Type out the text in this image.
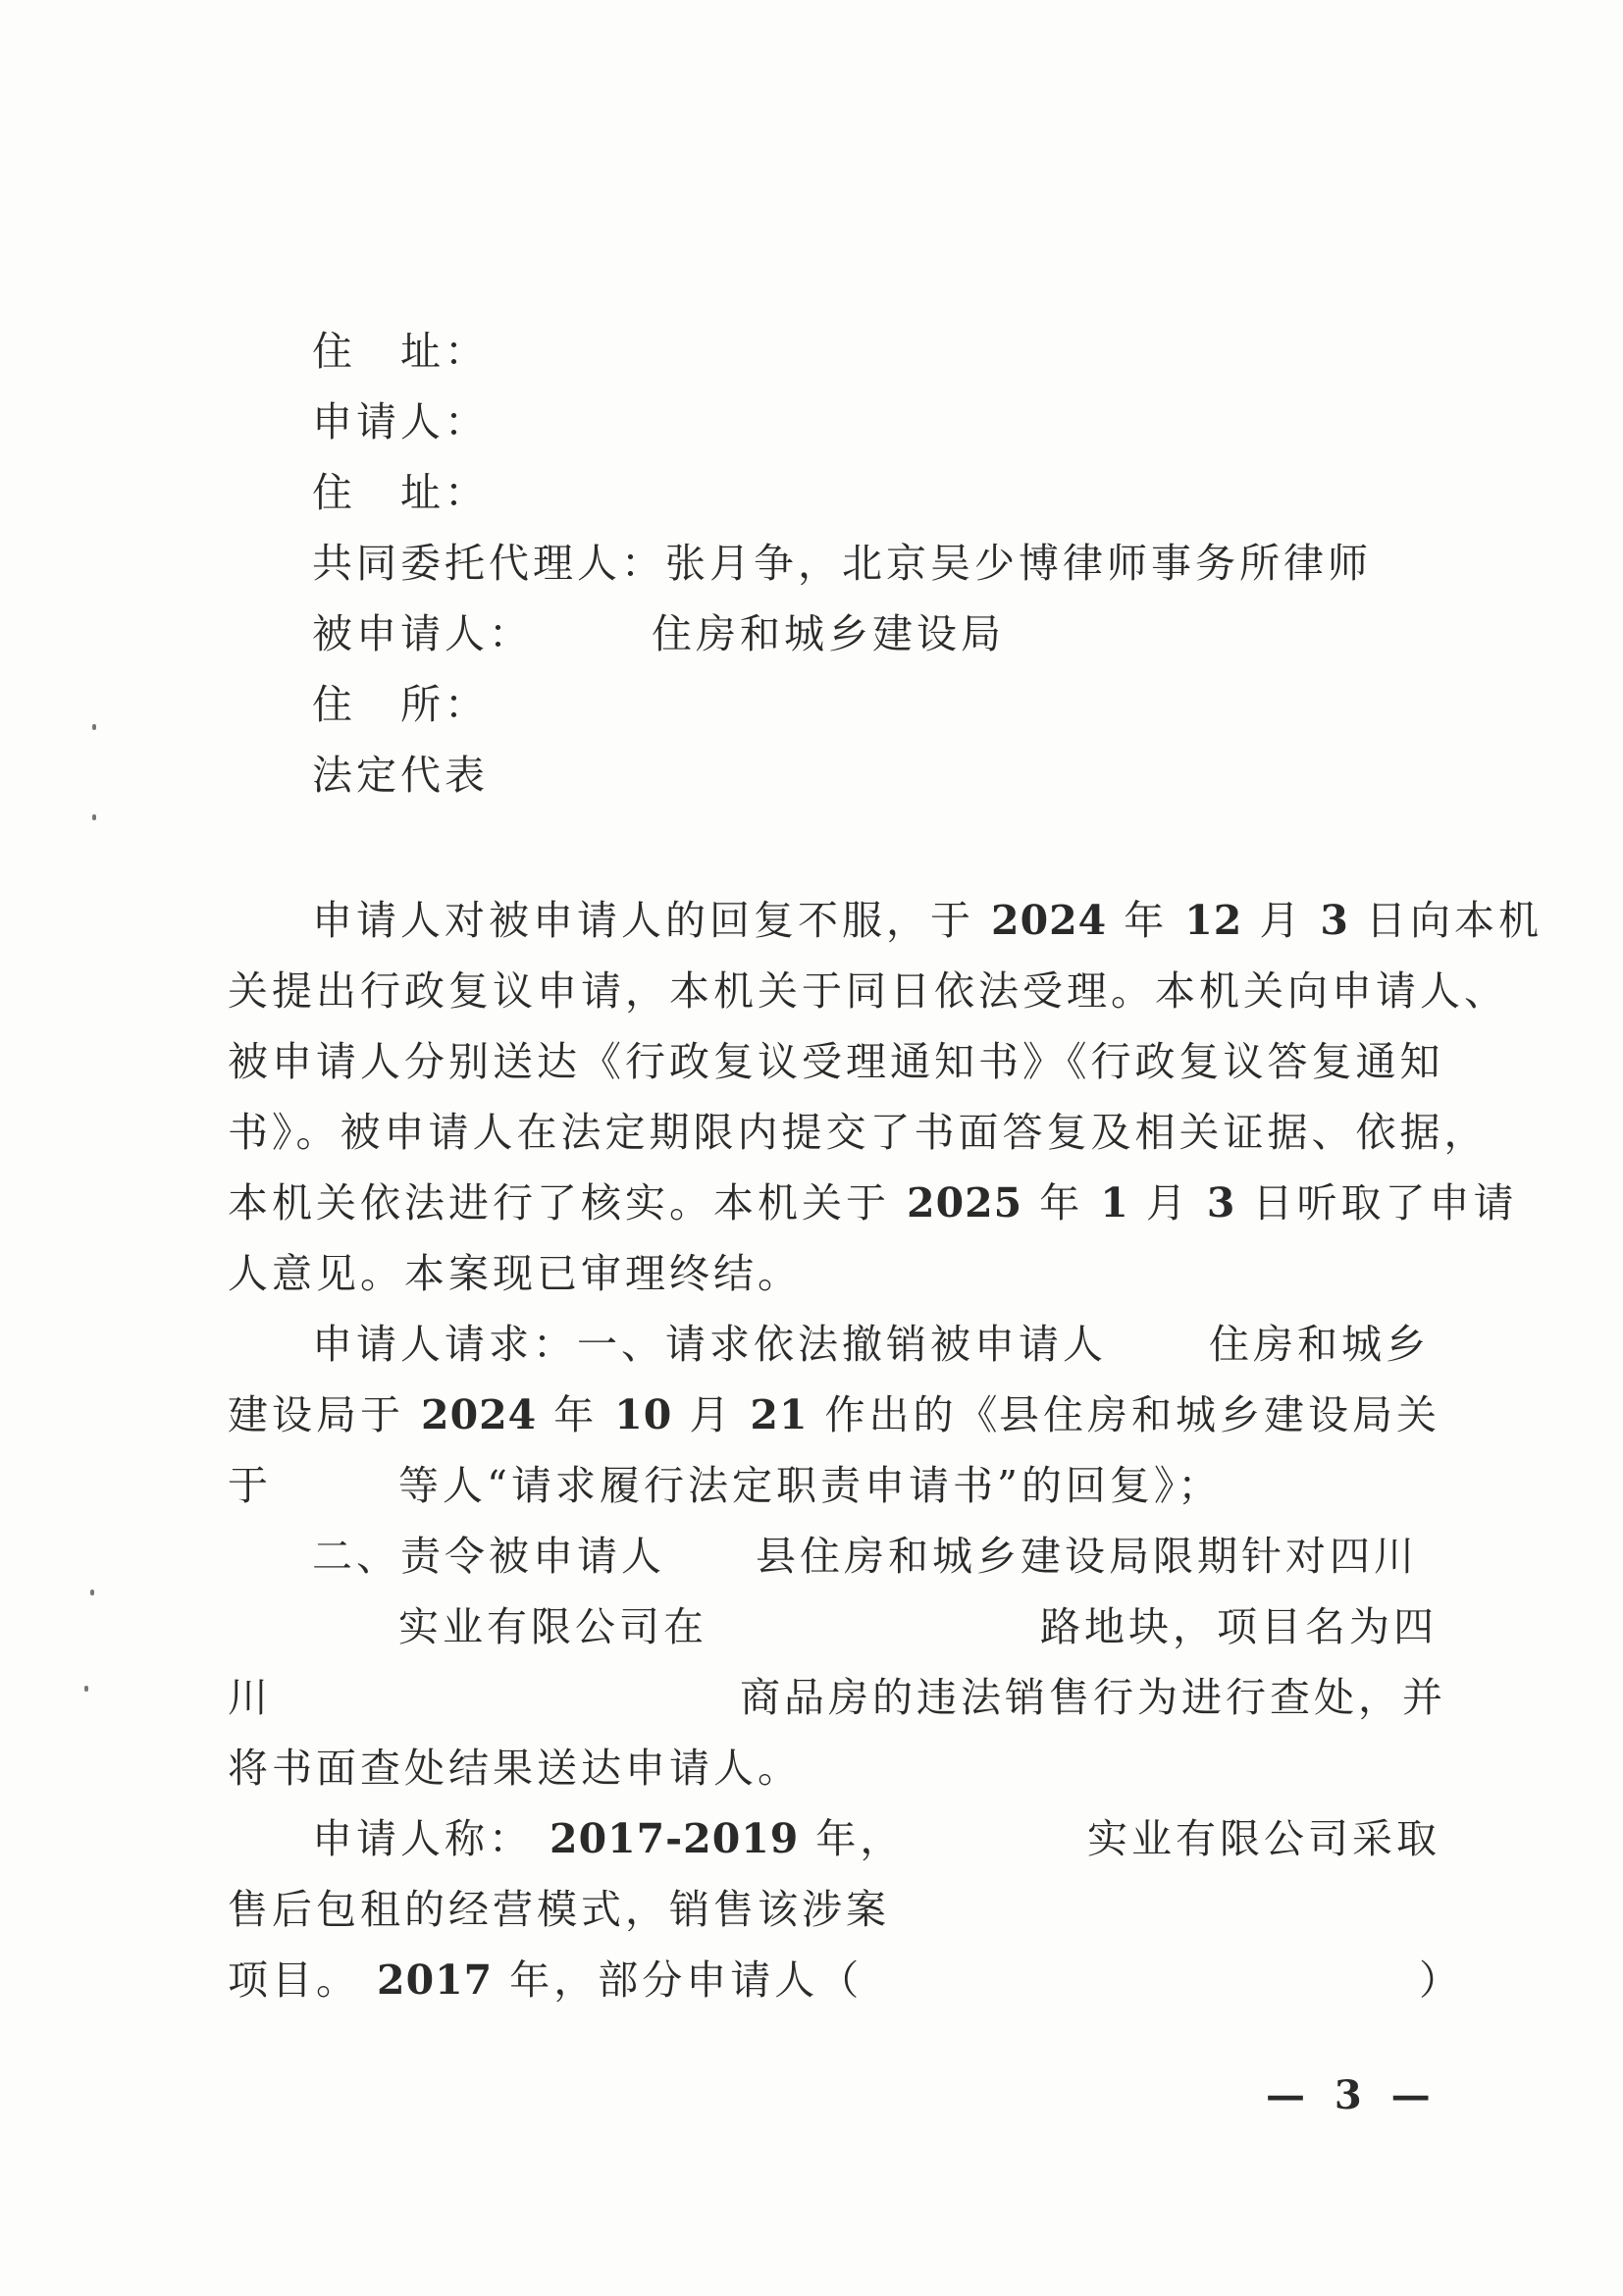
住　址：
申请人：
住　址：
共同委托代理人：张月争，北京吴少博律师事务所律师
被申请人：	住房和城乡建设局
住　所：
法定代表
申请人对被申请人的回复不服，于 2024 年 12 月 3 日向本机
关提出行政复议申请，本机关于同日依法受理。本机关向申请人、
被申请人分别送达《行政复议受理通知书》《行政复议答复通知
书》。被申请人在法定期限内提交了书面答复及相关证据、依据，
本机关依法进行了核实。本机关于 2025 年 1 月 3 日听取了申请
人意见。本案现已审理终结。
申请人请求：一、请求依法撤销被申请人	住房和城乡
建设局于 2024 年 10 月 21 作出的《
县住房和城乡建设局关
于	等人“请求履行法定职责申请书”的回复》；
二、责令被申请人 县住房和城乡建设局限期针对四川
实业有限公司在	路地块，项目名为四
川	商品房的违法销售行为进行查处，并
将书面查处结果送达申请人。
申请人称： 2017-2019 年，	实业有限公司采取
售后包租的经营模式，销售该涉案
项目。 2017 年，部分申请人（	）
— 3 —
